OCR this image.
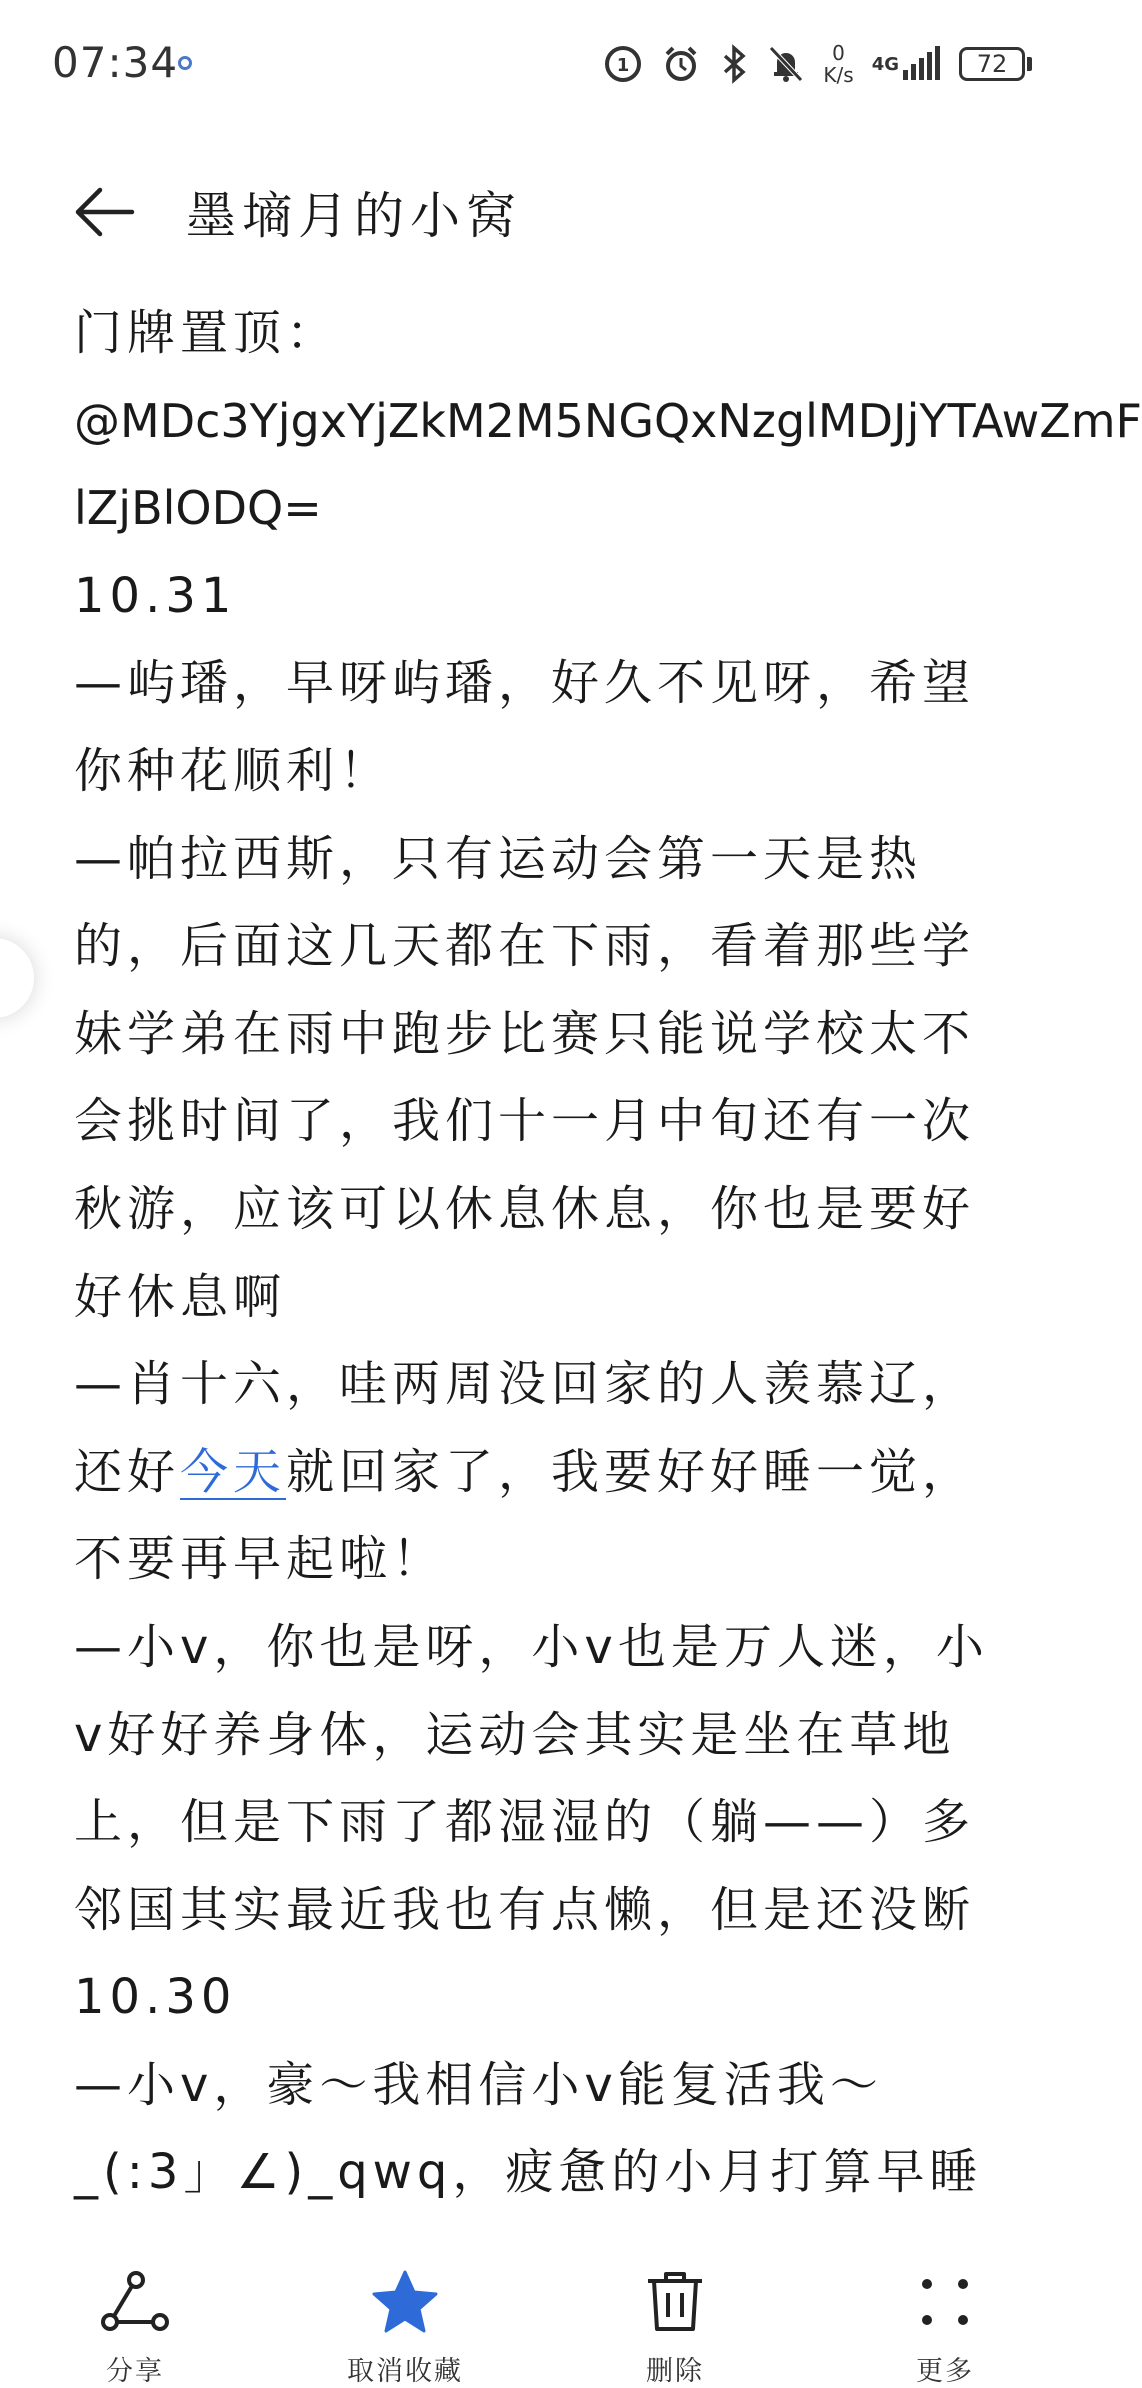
07:34	1
0
K/s 4G	72
墨墒月的小窝
门牌置顶：
@MDc3YjgxYjZkM2M5NGQxNzglMDJjYTAwZmF
lZjBlODQ=
10.31
—屿璠，早呀屿璠，好久不见呀，希望
你种花顺利！
—帕拉西斯，只有运动会第一天是热
的，后面这几天都在下雨，看着那些学
妹学弟在雨中跑步比赛只能说学校太不
会挑时间了，我们十一月中旬还有一次
秋游，应该可以休息休息，你也是要好
好休息啊
—肖十六，哇两周没回家的人羡慕辽，
还好今天就回家了，我要好好睡一觉，
不要再早起啦！
—小v，你也是呀，小v也是万人迷，小
v好好养身体，运动会其实是坐在草地
上，但是下雨了都湿湿的（躺——）多
邻国其实最近我也有点懒，但是还没断
10.30
—小v，豪～我相信小v能复活我～
_(:3」∠)_qwq，疲惫的小月打算早睡
分享	取消收藏	删除	更多
